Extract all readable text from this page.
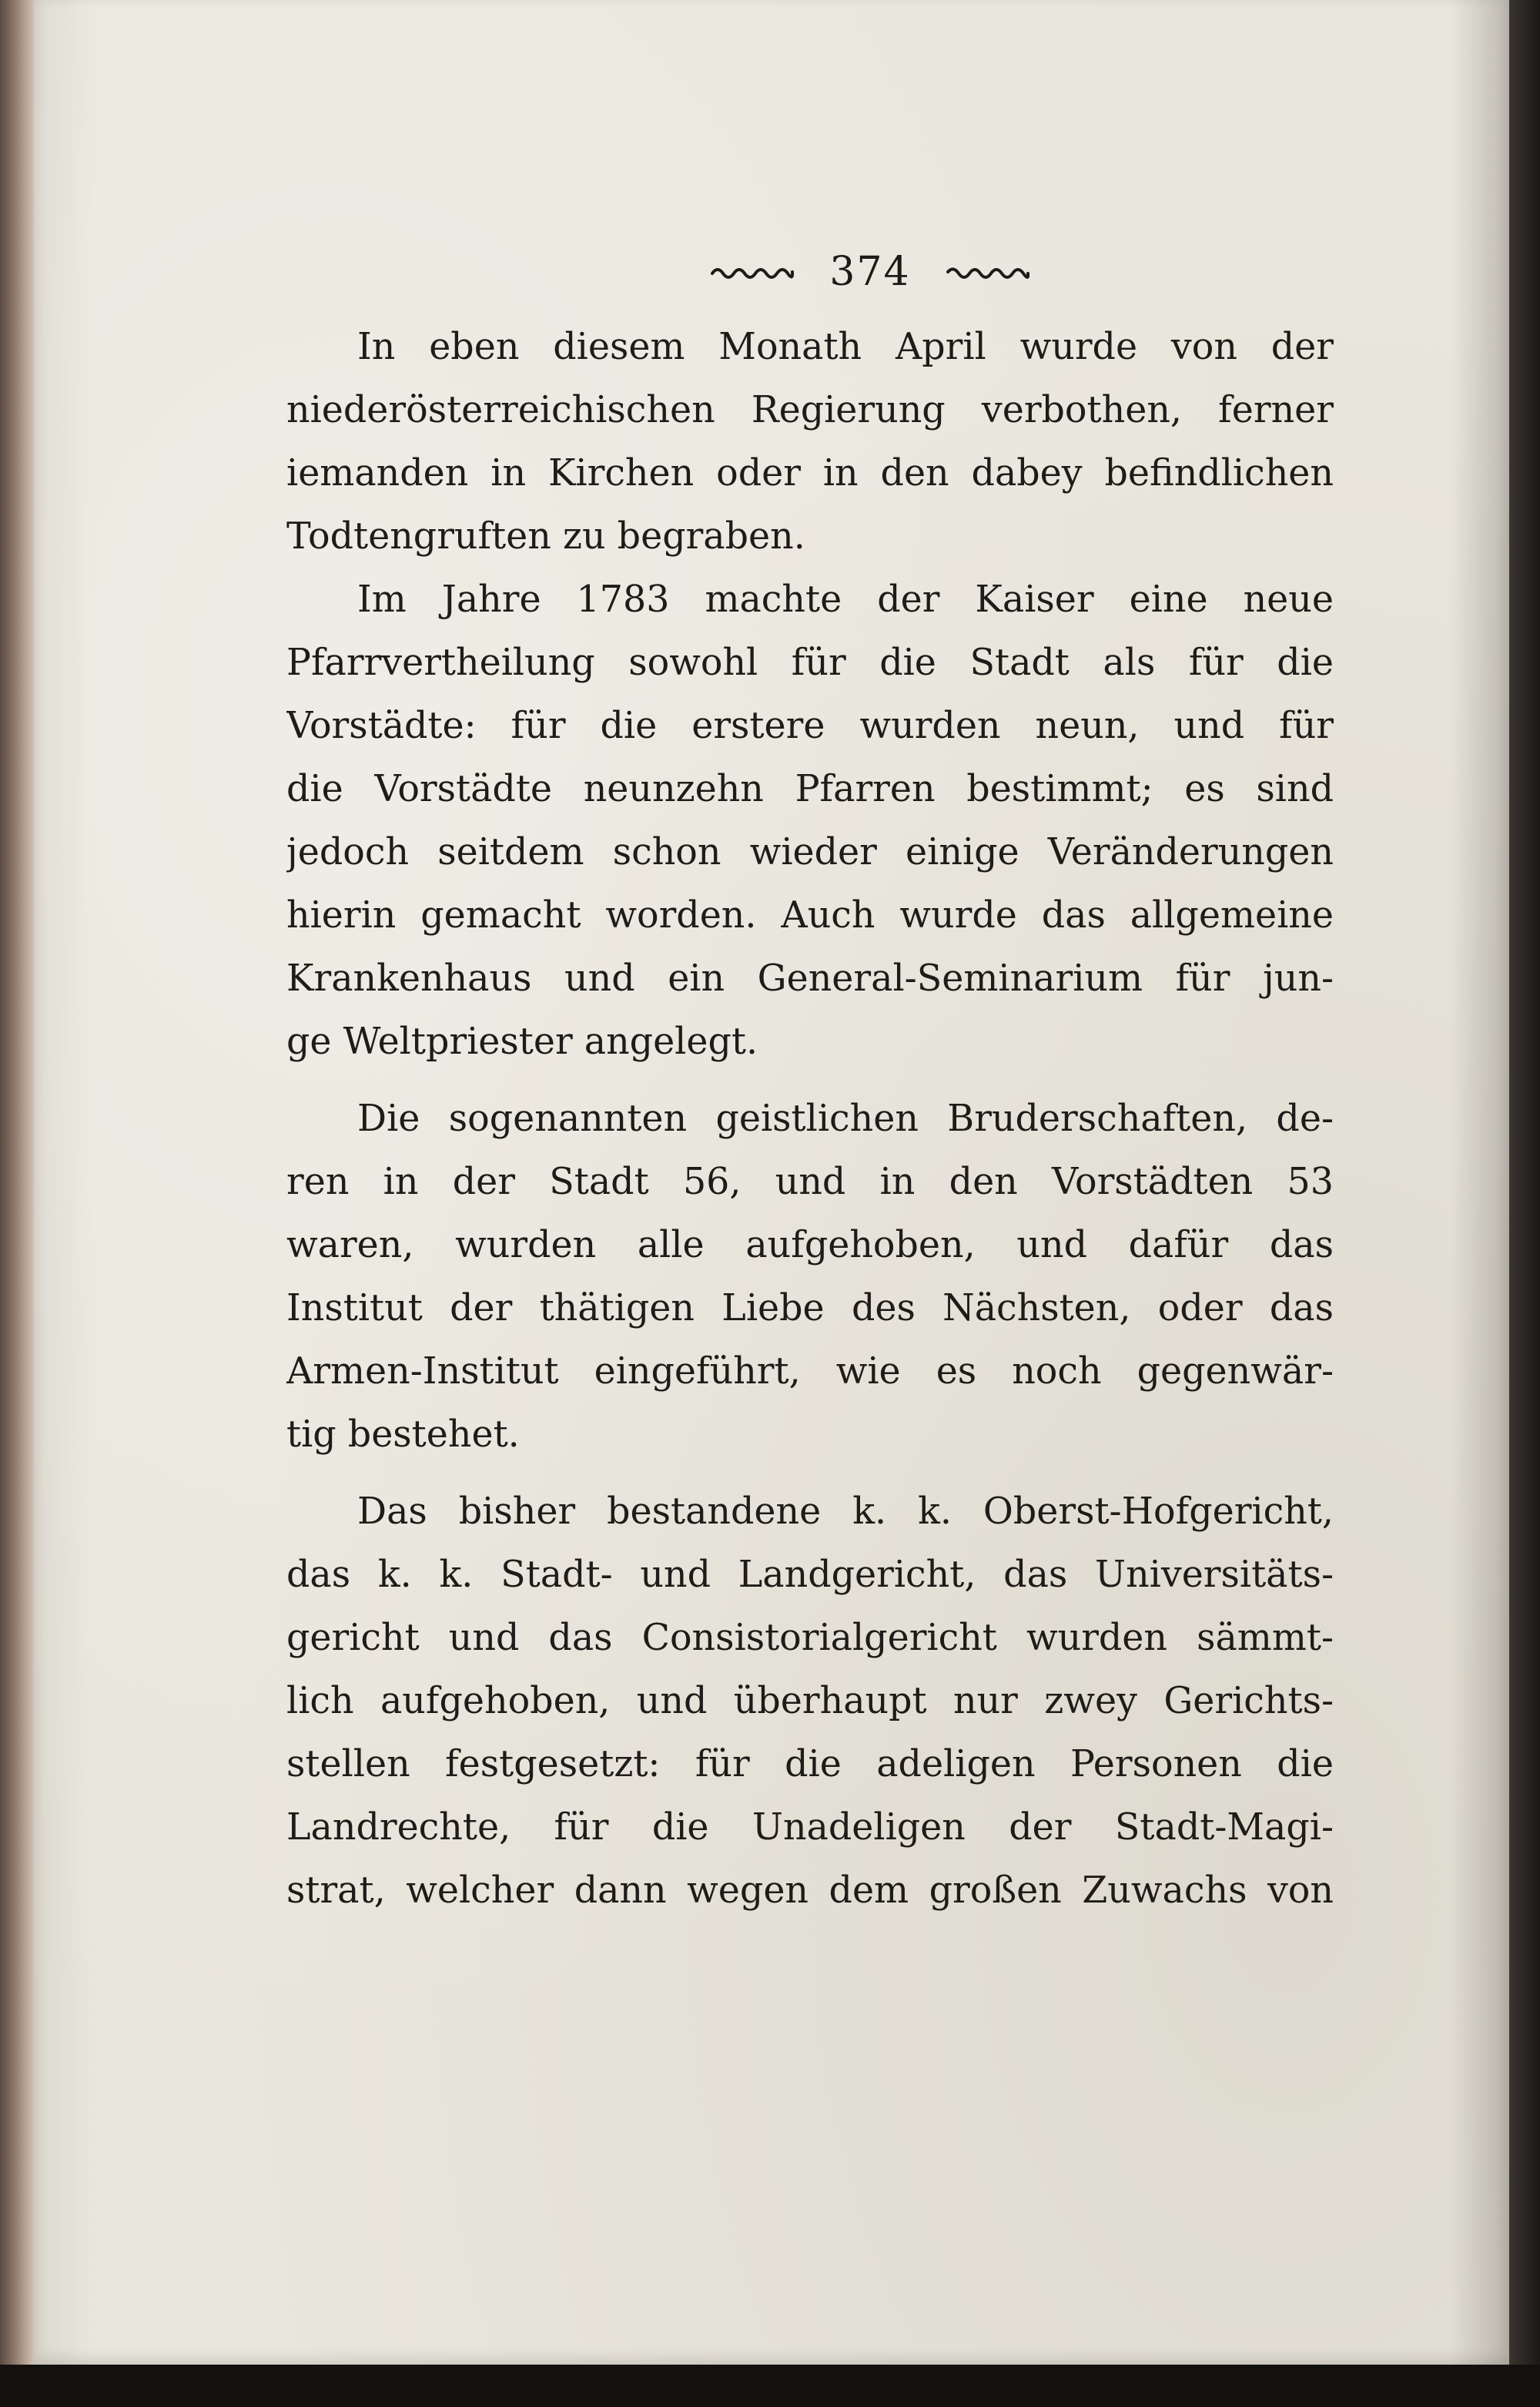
374
In eben diesem Monath April wurde von der
niederösterreichischen Regierung verbothen, ferner
iemanden in Kirchen oder in den dabey befindlichen
Todtengruften zu begraben.
Im Jahre 1783 machte der Kaiser eine neue
Pfarrvertheilung sowohl für die Stadt als für die
Vorstädte: für die erstere wurden neun, und für
die Vorstädte neunzehn Pfarren bestimmt; es sind
jedoch seitdem schon wieder einige Veränderungen
hierin gemacht worden. Auch wurde das allgemeine
Krankenhaus und ein General-Seminarium für jun-
ge Weltpriester angelegt.
Die sogenannten geistlichen Bruderschaften, de-
ren in der Stadt 56, und in den Vorstädten 53
waren, wurden alle aufgehoben, und dafür das
Institut der thätigen Liebe des Nächsten, oder das
Armen-Institut eingeführt, wie es noch gegenwär-
tig bestehet.
Das bisher bestandene k. k. Oberst-Hofgericht,
das k. k. Stadt- und Landgericht, das Universitäts-
gericht und das Consistorialgericht wurden sämmt-
lich aufgehoben, und überhaupt nur zwey Gerichts-
stellen festgesetzt: für die adeligen Personen die
Landrechte, für die Unadeligen der Stadt-Magi-
strat, welcher dann wegen dem großen Zuwachs von
